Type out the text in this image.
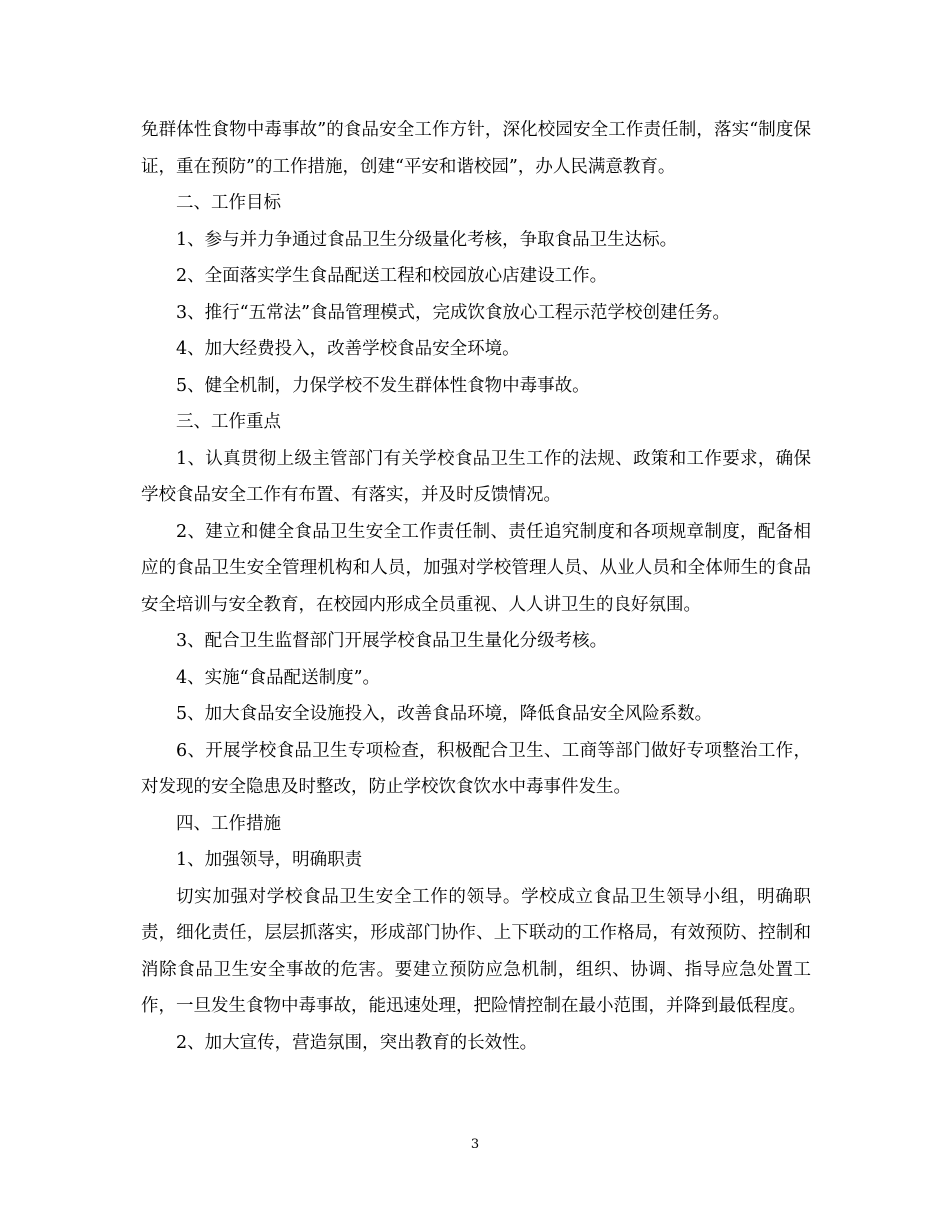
免群体性食物中毒事故”的食品安全工作方针，深化校园安全工作责任制，落实“制度保证，重在预防”的工作措施，创建“平安和谐校园”，办人民满意教育。

二、工作目标

1、参与并力争通过食品卫生分级量化考核，争取食品卫生达标。

2、全面落实学生食品配送工程和校园放心店建设工作。

3、推行“五常法”食品管理模式，完成饮食放心工程示范学校创建任务。

4、加大经费投入，改善学校食品安全环境。

5、健全机制，力保学校不发生群体性食物中毒事故。

三、工作重点

1、认真贯彻上级主管部门有关学校食品卫生工作的法规、政策和工作要求，确保学校食品安全工作有布置、有落实，并及时反馈情况。

2、建立和健全食品卫生安全工作责任制、责任追究制度和各项规章制度，配备相应的食品卫生安全管理机构和人员，加强对学校管理人员、从业人员和全体师生的食品安全培训与安全教育，在校园内形成全员重视、人人讲卫生的良好氛围。

3、配合卫生监督部门开展学校食品卫生量化分级考核。

4、实施“食品配送制度”。

5、加大食品安全设施投入，改善食品环境，降低食品安全风险系数。

6、开展学校食品卫生专项检查，积极配合卫生、工商等部门做好专项整治工作，对发现的安全隐患及时整改，防止学校饮食饮水中毒事件发生。

四、工作措施

1、加强领导，明确职责

切实加强对学校食品卫生安全工作的领导。学校成立食品卫生领导小组，明确职责，细化责任，层层抓落实，形成部门协作、上下联动的工作格局，有效预防、控制和消除食品卫生安全事故的危害。要建立预防应急机制，组织、协调、指导应急处置工作，一旦发生食物中毒事故，能迅速处理，把险情控制在最小范围，并降到最低程度。

2、加大宣传，营造氛围，突出教育的长效性。

3
